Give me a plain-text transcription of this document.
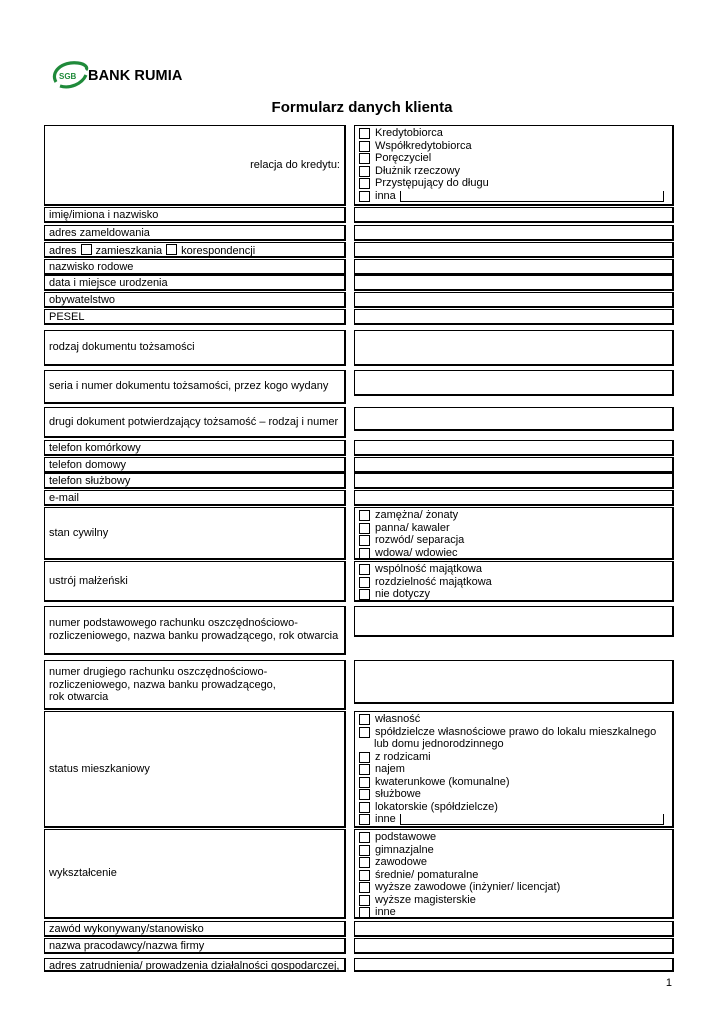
SGB BANK RUMIA
Formularz danych klienta
relacja do kredytu:
Kredytobiorca
Współkredytobiorca
Poręczyciel
Dłużnik rzeczowy
Przystępujący do długu
inna
imię/imiona i nazwisko
adres zameldowania
adres zamieszkania korespondencji
nazwisko rodowe
data i miejsce urodzenia
obywatelstwo
PESEL
rodzaj dokumentu tożsamości
seria i numer dokumentu tożsamości, przez kogo wydany
drugi dokument potwierdzający tożsamość – rodzaj i numer
telefon komórkowy
telefon domowy
telefon służbowy
e-mail
stan cywilny
zamężna/ żonaty
panna/ kawaler
rozwód/ separacja
wdowa/ wdowiec
ustrój małżeński
wspólność majątkowa
rozdzielność majątkowa
nie dotyczy
numer podstawowego rachunku oszczędnościowo-
rozliczeniowego, nazwa banku prowadzącego, rok otwarcia
numer drugiego rachunku oszczędnościowo-
rozliczeniowego, nazwa banku prowadzącego,
rok otwarcia
status mieszkaniowy
własność
spółdzielcze własnościowe prawo do lokalu mieszkalnego
lub domu jednorodzinnego
z rodzicami
najem
kwaterunkowe (komunalne)
służbowe
lokatorskie (spółdzielcze)
inne
wykształcenie
podstawowe
gimnazjalne
zawodowe
średnie/ pomaturalne
wyższe zawodowe (inżynier/ licencjat)
wyższe magisterskie
inne
zawód wykonywany/stanowisko
nazwa pracodawcy/nazwa firmy
adres zatrudnienia/ prowadzenia działalności gospodarczej,
1
